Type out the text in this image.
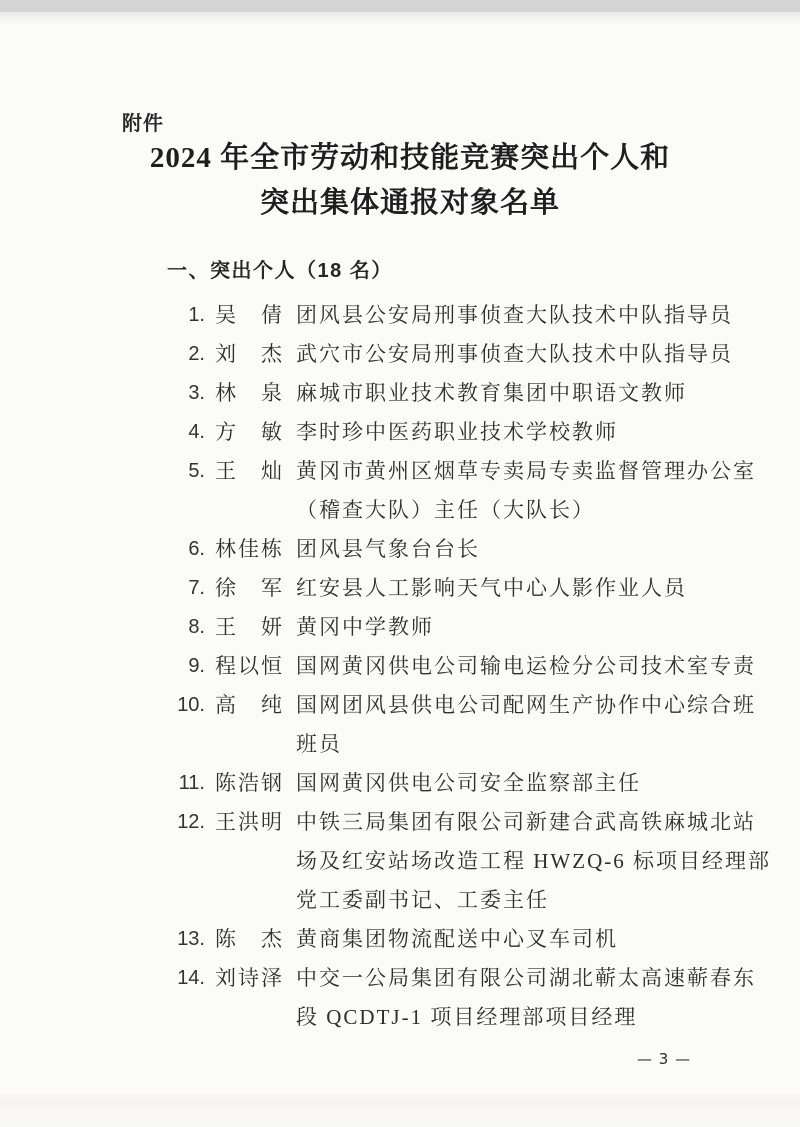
附件
2024 年全市劳动和技能竞赛突出个人和
突出集体通报对象名单
一、突出个人（18 名）
1. 吴　倩 团风县公安局刑事侦查大队技术中队指导员
2. 刘　杰 武穴市公安局刑事侦查大队技术中队指导员
3. 林　泉 麻城市职业技术教育集团中职语文教师
4. 方　敏 李时珍中医药职业技术学校教师
5. 王　灿 黄冈市黄州区烟草专卖局专卖监督管理办公室
（稽查大队）主任（大队长）
6. 林佳栋 团风县气象台台长
7. 徐　军 红安县人工影响天气中心人影作业人员
8. 王　妍 黄冈中学教师
9. 程以恒 国网黄冈供电公司输电运检分公司技术室专责
10. 高　纯 国网团风县供电公司配网生产协作中心综合班
班员
11. 陈浩钢 国网黄冈供电公司安全监察部主任
12. 王洪明 中铁三局集团有限公司新建合武高铁麻城北站
场及红安站场改造工程 HWZQ-6 标项目经理部
党工委副书记、工委主任
13. 陈　杰 黄商集团物流配送中心叉车司机
14. 刘诗泽 中交一公局集团有限公司湖北蕲太高速蕲春东
段 QCDTJ-1 项目经理部项目经理
— 3 —
